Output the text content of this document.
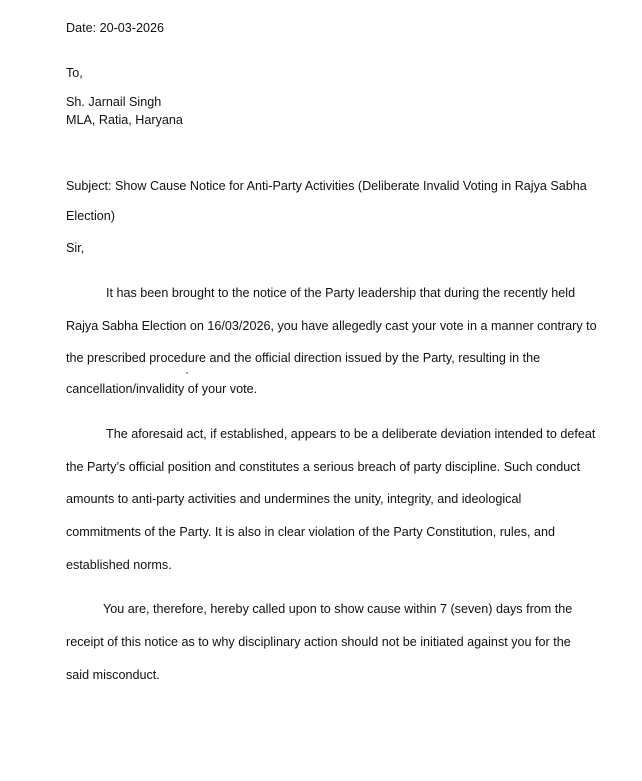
Date: 20-03-2026
To,
Sh. Jarnail Singh
MLA, Ratia, Haryana
Subject: Show Cause Notice for Anti-Party Activities (Deliberate Invalid Voting in Rajya Sabha
Election)
Sir,
It has been brought to the notice of the Party leadership that during the recently held
Rajya Sabha Election on 16/03/2026, you have allegedly cast your vote in a manner contrary to
the prescribed procedure and the official direction issued by the Party, resulting in the
cancellation/invalidity of your vote.
The aforesaid act, if established, appears to be a deliberate deviation intended to defeat
the Party’s official position and constitutes a serious breach of party discipline. Such conduct
amounts to anti-party activities and undermines the unity, integrity, and ideological
commitments of the Party. It is also in clear violation of the Party Constitution, rules, and
established norms.
You are, therefore, hereby called upon to show cause within 7 (seven) days from the
receipt of this notice as to why disciplinary action should not be initiated against you for the
said misconduct.
